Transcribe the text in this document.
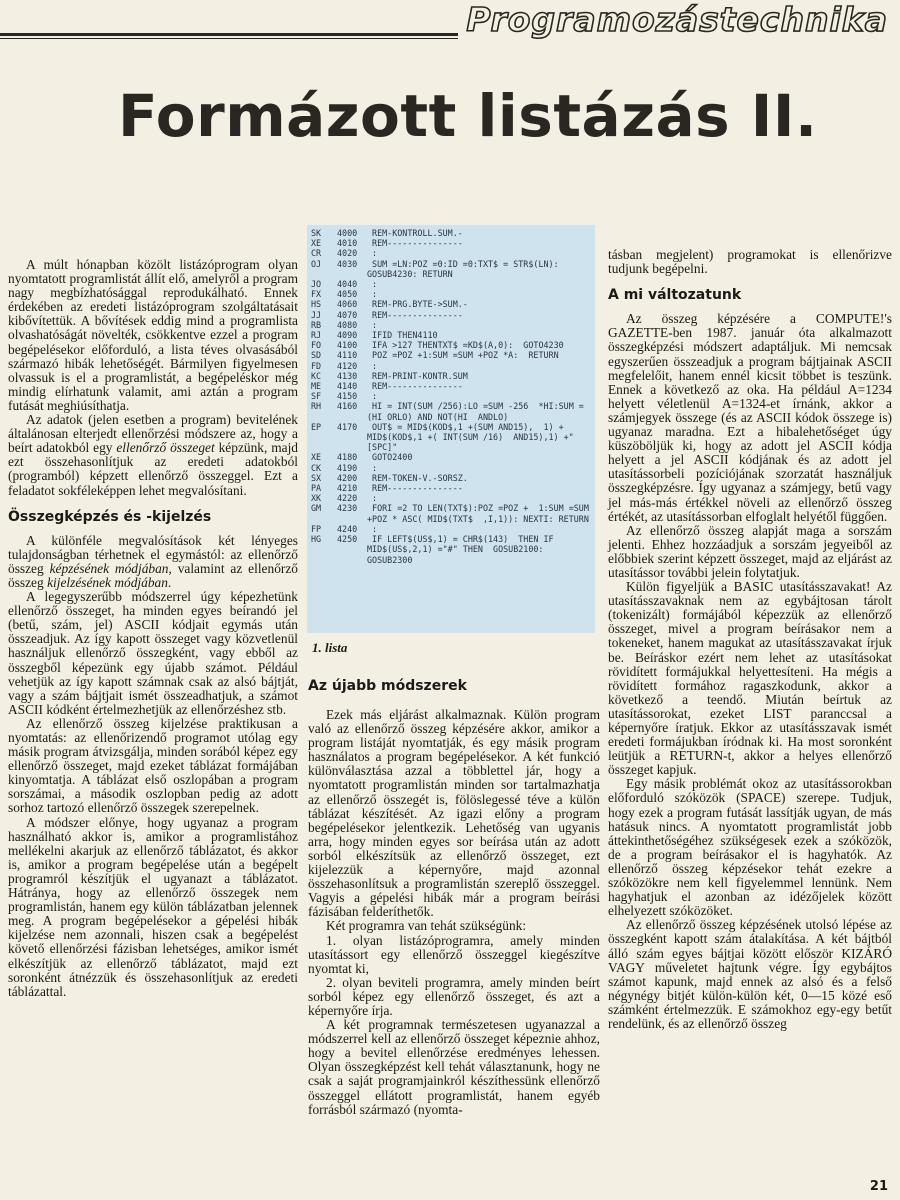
Programozástechnika
Formázott listázás II.

A múlt hónapban közölt listázóprogram olyan nyomtatott programlistát állít elő, amelyről a program nagy megbízhatósággal reprodukálható. Ennek érdekében az eredeti listázóprogram szolgáltatásait kibővítettük. A bővítések eddig mind a programlista olvashatóságát növelték, csökkentve ezzel a program begépelésekor előforduló, a lista téves olvasásából származó hibák lehetőségét. Bármilyen figyelmesen olvassuk is el a programlistát, a begépeléskor még mindig elírhatunk valamit, ami aztán a program futását meghiúsíthatja.

Az adatok (jelen esetben a program) bevitelének általánosan elterjedt ellenőrzési módszere az, hogy a beírt adatokból egy ellenőrző összeget képzünk, majd ezt összehasonlítjuk az eredeti adatokból (programból) képzett ellenőrző összeggel. Ezt a feladatot sokféleképpen lehet megvalósítani.

Összegképzés és -kijelzés

A különféle megvalósítások két lényeges tulajdonságban térhetnek el egymástól: az ellenőrző összeg képzésének módjában, valamint az ellenőrző összeg kijelzésének módjában.

A legegyszerűbb módszerrel úgy képezhetünk ellenőrző összeget, ha minden egyes beírandó jel (betű, szám, jel) ASCII kódjait egymás után összeadjuk. Az így kapott összeget vagy közvetlenül használjuk ellenőrző összegként, vagy ebből az összegből képezünk egy újabb számot. Például vehetjük az így kapott számnak csak az alsó bájtját, vagy a szám bájtjait ismét összeadhatjuk, a számot ASCII kódként értelmezhetjük az ellenőrzéshez stb.

Az ellenőrző összeg kijelzése praktikusan a nyomtatás: az ellenőrizendő programot utólag egy másik program átvizsgálja, minden sorából képez egy ellenőrző összeget, majd ezeket táblázat formájában kinyomtatja. A táblázat első oszlopában a program sorszámai, a második oszlopban pedig az adott sorhoz tartozó ellenőrző összegek szerepelnek.

A módszer előnye, hogy ugyanaz a program használható akkor is, amikor a programlistához mellékelni akarjuk az ellenőrző táblázatot, és akkor is, amikor a program begépelése után a begépelt programról készítjük el ugyanazt a táblázatot. Hátránya, hogy az ellenőrző összegek nem programlistán, hanem egy külön táblázatban jelennek meg. A program begépelésekor a gépelési hibák kijelzése nem azonnali, hiszen csak a begépelést követő ellenőrzési fázisban lehetséges, amikor ismét elkészítjük az ellenőrző táblázatot, majd ezt soronként átnézzük és összehasonlítjuk az eredeti táblázattal.

SK	4000	REM-KONTROLL.SUM.-
XE	4010	REM---------------
CR	4020	:
OJ	4030	SUM =LN:POZ =0:ID =0:TXT$ = STR$(LN):  GOSUB4230: RETURN
JO	4040	:
FX	4050	:
HS	4060	REM-PRG.BYTE->SUM.-
JJ	4070	REM---------------
RB	4080	:
RJ	4090	IFID THEN4110
FO	4100	IFA >127 THENTXT$ =KD$(A,0):  GOTO4230
SD	4110	POZ =POZ +1:SUM =SUM +POZ *A:  RETURN
FD	4120	:
KC	4130	REM-PRINT-KONTR.SUM
ME	4140	REM---------------
SF	4150	:
RH	4160	HI = INT(SUM /256):LO =SUM -256  *HI:SUM =(HI ORLO) AND NOT(HI  ANDLO)
EP	4170	OUT$ = MID$(KOD$,1 +(SUM AND15),  1) + MID$(KOD$,1 +( INT(SUM /16)  AND15),1) +"[SPC]"
XE	4180	GOTO2400
CK	4190	:
SX	4200	REM-TOKEN-V.-SORSZ.
PA	4210	REM---------------
XK	4220	:
GM	4230	FORI =2 TO LEN(TXT$):POZ =POZ +  1:SUM =SUM +POZ * ASC( MID$(TXT$  ,I,1)): NEXTI: RETURN
FP	4240	:
HG	4250	IF LEFT$(US$,1) = CHR$(143)  THEN IF MID$(US$,2,1) ="#" THEN  GOSUB2100: GOSUB2300
1. lista
Az újabb módszerek

Ezek más eljárást alkalmaznak. Külön program való az ellenőrző összeg képzésére akkor, amikor a program listáját nyomtatják, és egy másik program használatos a program begépelésekor. A két funkció különválasztása azzal a többlettel jár, hogy a nyomtatott programlistán minden sor tartalmazhatja az ellenőrző összegét is, fölöslegessé téve a külön táblázat készítését. Az igazi előny a program begépelésekor jelentkezik. Lehetőség van ugyanis arra, hogy minden egyes sor beírása után az adott sorból elkészítsük az ellenőrző összeget, ezt kijelezzük a képernyőre, majd azonnal összehasonlítsuk a programlistán szereplő összeggel. Vagyis a gépelési hibák már a program beírási fázisában felderíthetők.

Két programra van tehát szükségünk:

1. olyan listázóprogramra, amely minden utasítássort egy ellenőrző összeggel kiegészítve nyomtat ki,

2. olyan beviteli programra, amely minden beírt sorból képez egy ellenőrző összeget, és azt a képernyőre írja.

A két programnak természetesen ugyanazzal a módszerrel kell az ellenőrző összeget képeznie ahhoz, hogy a bevitel ellenőrzése eredményes lehessen. Olyan összegképzést kell tehát választanunk, hogy ne csak a saját programjainkról készíthessünk ellenőrző összeggel ellátott programlistát, hanem egyéb forrásból származó (nyomta-

tásban megjelent) programokat is ellenőrizve tudjunk begépelni.

A mi változatunk

Az összeg képzésére a COMPUTE!'s GAZETTE-ben 1987. január óta alkalmazott összegképzési módszert adaptáljuk. Mi nemcsak egyszerűen összeadjuk a program bájtjainak ASCII megfelelőit, hanem ennél kicsit többet is teszünk. Ennek a következő az oka. Ha például A=1234 helyett véletlenül A=1324-et írnánk, akkor a számjegyek összege (és az ASCII kódok összege is) ugyanaz maradna. Ezt a hibalehetőséget úgy küszöböljük ki, hogy az adott jel ASCII kódja helyett a jel ASCII kódjának és az adott jel utasítássorbeli pozíciójának szorzatát használjuk összegképzésre. Így ugyanaz a számjegy, betű vagy jel más-más értékkel növeli az ellenőrző összeg értékét, az utasítássorban elfoglalt helyétől függően.

Az ellenőrző összeg alapját maga a sorszám jelenti. Ehhez hozzáadjuk a sorszám jegyeiből az előbbiek szerint képzett összeget, majd az eljárást az utasítássor további jelein folytatjuk.

Külön figyeljük a BASIC utasításszavakat! Az utasításszavaknak nem az egybájtosan tárolt (tokenizált) formájából képezzük az ellenőrző összeget, mivel a program beírásakor nem a tokeneket, hanem magukat az utasításszavakat írjuk be. Beíráskor ezért nem lehet az utasításokat rövidített formájukkal helyettesíteni. Ha mégis a rövidített formához ragaszkodunk, akkor a következő a teendő. Miután beírtuk az utasítássorokat, ezeket LIST paranccsal a képernyőre íratjuk. Ekkor az utasításszavak ismét eredeti formájukban íródnak ki. Ha most soronként leütjük a RETURN-t, akkor a helyes ellenőrző összeget kapjuk.

Egy másik problémát okoz az utasítássorokban előforduló szóközök (SPACE) szerepe. Tudjuk, hogy ezek a program futását lassítják ugyan, de más hatásuk nincs. A nyomtatott programlistát jobb áttekinthetőségéhez szükségesek ezek a szóközök, de a program beírásakor el is hagyhatók. Az ellenőrző összeg képzésekor tehát ezekre a szóközökre nem kell figyelemmel lennünk. Nem hagyhatjuk el azonban az idézőjelek között elhelyezett szóközöket.

Az ellenőrző összeg képzésének utolsó lépése az összegként kapott szám átalakítása. A két bájtból álló szám egyes bájtjai között először KIZÁRÓ VAGY műveletet hajtunk végre. Így egybájtos számot kapunk, majd ennek az alsó és a felső négynégy bitjét külön-külön két, 0—15 közé eső számként értelmezzük. E számokhoz egy-egy betűt rendelünk, és az ellenőrző összeg

21
